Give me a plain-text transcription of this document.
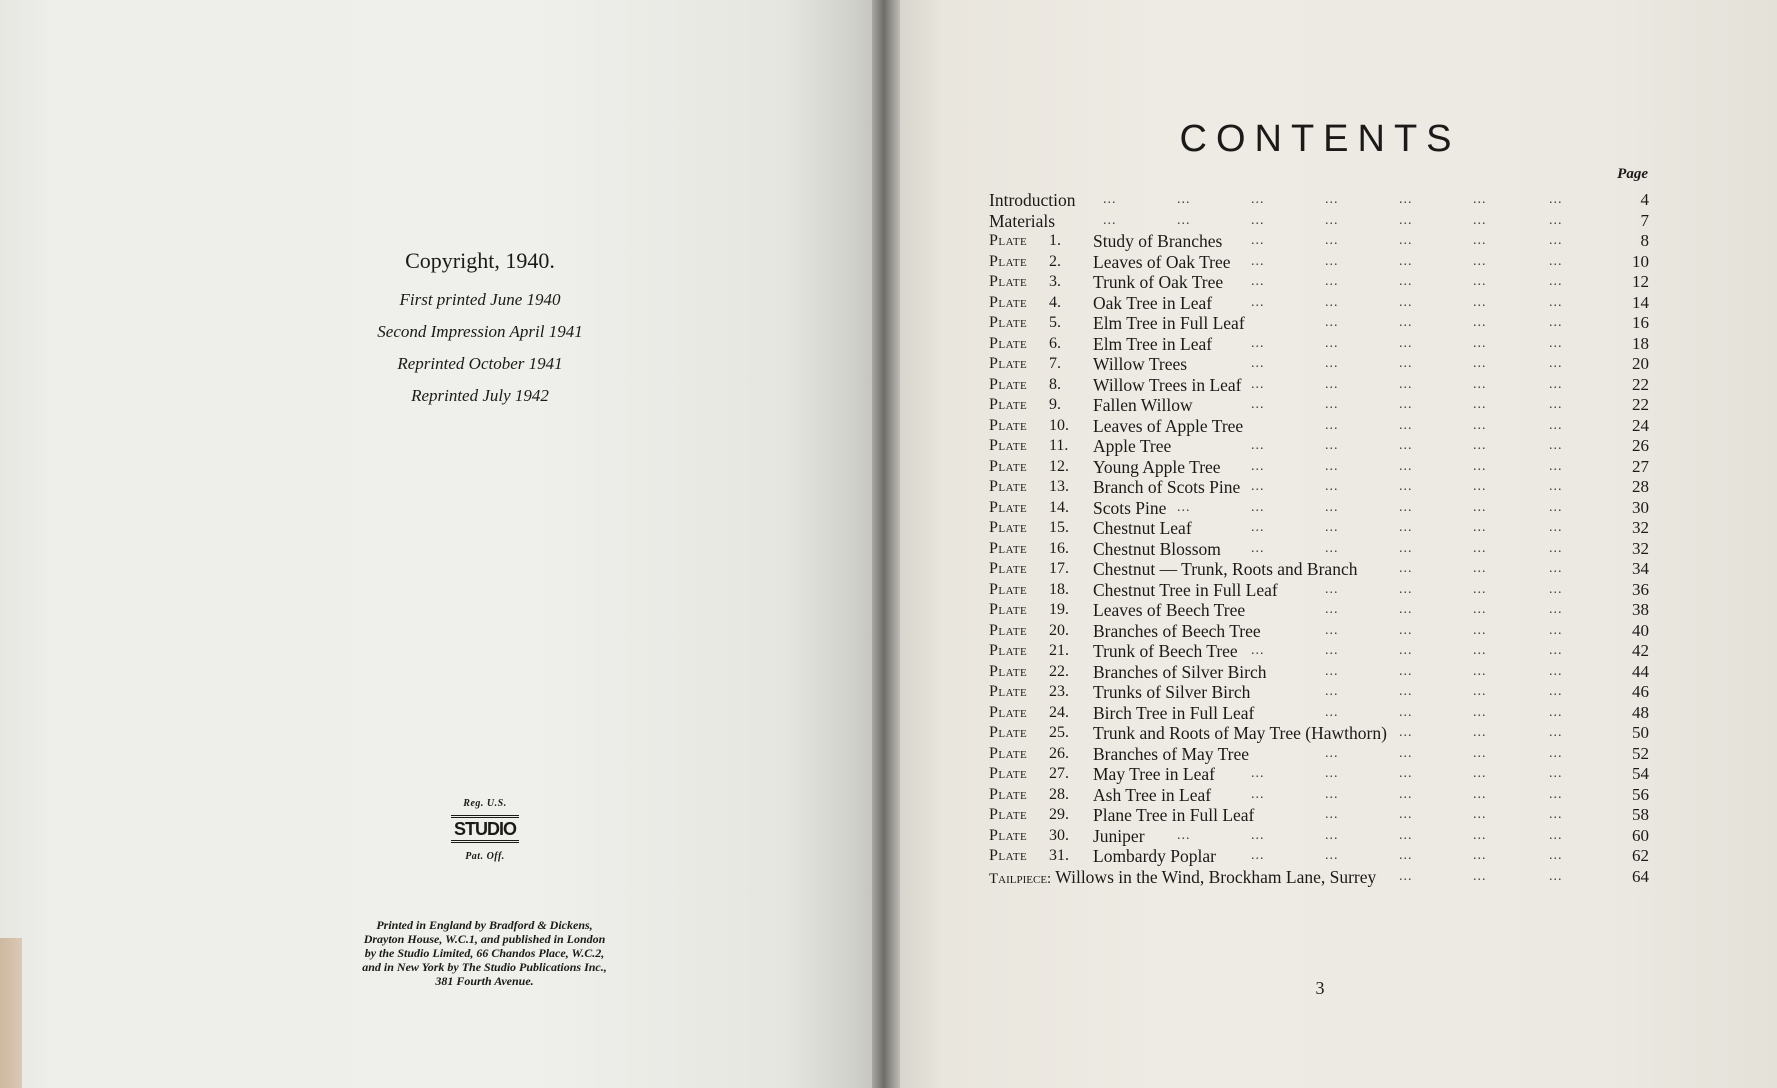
Copyright, 1940.
First printed June 1940
Second Impression April 1941
Reprinted October 1941
Reprinted July 1942
Reg. U.S.
STUDIO
Pat. Off.
Printed in England by Bradford & Dickens,
Drayton House, W.C.1, and published in London
by the Studio Limited, 66 Chandos Place, W.C.2,
and in New York by The Studio Publications Inc.,
381 Fourth Avenue.
CONTENTS
Page
Introduction	4
...	...	...	...	...	...	...
Materials	7
...	...	...	...	...	...	...
Plate	1.	Study of Branches	8
...	...	...	...	...
Plate	2.	Leaves of Oak Tree	10
...	...	...	...	...
Plate	3.	Trunk of Oak Tree	12
...	...	...	...	...
Plate	4.	Oak Tree in Leaf	14
...	...	...	...	...
Plate	5.	Elm Tree in Full Leaf	16
...	...	...	...
Plate	6.	Elm Tree in Leaf	18
...	...	...	...	...
Plate	7.	Willow Trees	20
...	...	...	...	...
Plate	8.	Willow Trees in Leaf	22
...	...	...	...	...
Plate	9.	Fallen Willow	22
...	...	...	...	...
Plate	10.	Leaves of Apple Tree	24
...	...	...	...
Plate	11.	Apple Tree	26
...	...	...	...	...
Plate	12.	Young Apple Tree	27
...	...	...	...	...
Plate	13.	Branch of Scots Pine	28
...	...	...	...	...
Plate	14.	Scots Pine	30
...	...	...	...	...	...
Plate	15.	Chestnut Leaf	32
...	...	...	...	...
Plate	16.	Chestnut Blossom	32
...	...	...	...	...
Plate	17.	Chestnut — Trunk, Roots and Branch	34
...	...	...
Plate	18.	Chestnut Tree in Full Leaf	36
...	...	...	...
Plate	19.	Leaves of Beech Tree	38
...	...	...	...
Plate	20.	Branches of Beech Tree	40
...	...	...	...
Plate	21.	Trunk of Beech Tree	42
...	...	...	...	...
Plate	22.	Branches of Silver Birch	44
...	...	...	...
Plate	23.	Trunks of Silver Birch	46
...	...	...	...
Plate	24.	Birch Tree in Full Leaf	48
...	...	...	...
Plate	25.	Trunk and Roots of May Tree (Hawthorn)	50
...	...	...
Plate	26.	Branches of May Tree	52
...	...	...	...
Plate	27.	May Tree in Leaf	54
...	...	...	...	...
Plate	28.	Ash Tree in Leaf	56
...	...	...	...	...
Plate	29.	Plane Tree in Full Leaf	58
...	...	...	...
Plate	30.	Juniper	60
...	...	...	...	...	...
Plate	31.	Lombardy Poplar	62
...	...	...	...	...
Tailpiece: Willows in the Wind, Brockham Lane, Surrey	64
...	...	...
3
